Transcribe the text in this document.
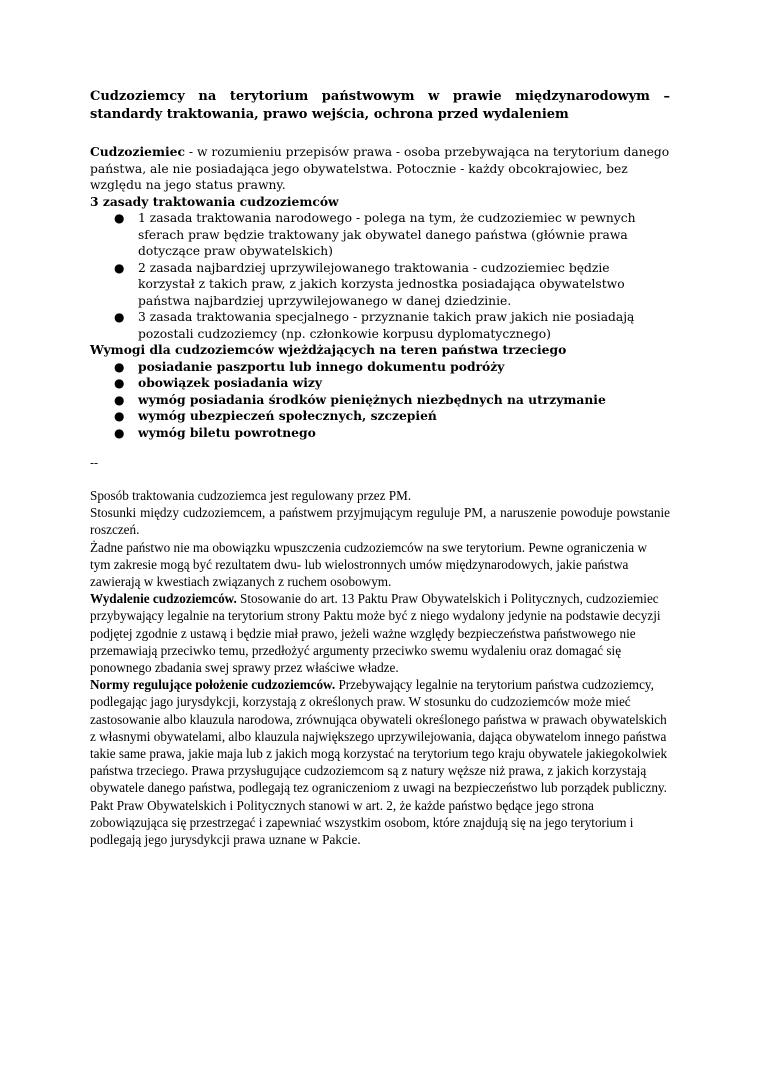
Cudzoziemcy na terytorium państwowym w prawie międzynarodowym – standardy traktowania, prawo wejścia, ochrona przed wydaleniem

Cudzoziemiec - w rozumieniu przepisów prawa - osoba przebywająca na terytorium danego państwa, ale nie posiadająca jego obywatelstwa. Potocznie - każdy obcokrajowiec, bez względu na jego status prawny.

3 zasady traktowania cudzoziemców

● 1 zasada traktowania narodowego - polega na tym, że cudzoziemiec w pewnych sferach praw będzie traktowany jak obywatel danego państwa (głównie prawa dotyczące praw obywatelskich)
● 2 zasada najbardziej uprzywilejowanego traktowania - cudzoziemiec będzie korzystał z takich praw, z jakich korzysta jednostka posiadająca obywatelstwo państwa najbardziej uprzywilejowanego w danej dziedzinie.
● 3 zasada traktowania specjalnego - przyznanie takich praw jakich nie posiadają pozostali cudzoziemcy (np. członkowie korpusu dyplomatycznego)

Wymogi dla cudzoziemców wjeżdżających na teren państwa trzeciego

● posiadanie paszportu lub innego dokumentu podróży
● obowiązek posiadania wizy
● wymóg posiadania środków pieniężnych niezbędnych na utrzymanie
● wymóg ubezpieczeń społecznych, szczepień
● wymóg biletu powrotnego

--

Sposób traktowania cudzoziemca jest regulowany przez PM.

Stosunki między cudzoziemcem, a państwem przyjmującym reguluje PM, a naruszenie powoduje powstanie roszczeń.

Żadne państwo nie ma obowiązku wpuszczenia cudzoziemców na swe terytorium. Pewne ograniczenia w tym zakresie mogą być rezultatem dwu- lub wielostronnych umów międzynarodowych, jakie państwa zawierają w kwestiach związanych z ruchem osobowym.

Wydalenie cudzoziemców. Stosowanie do art. 13 Paktu Praw Obywatelskich i Politycznych, cudzoziemiec przybywający legalnie na terytorium strony Paktu może być z niego wydalony jedynie na podstawie decyzji podjętej zgodnie z ustawą i będzie miał prawo, jeżeli ważne względy bezpieczeństwa państwowego nie przemawiają przeciwko temu, przedłożyć argumenty przeciwko swemu wydaleniu oraz domagać się ponownego zbadania swej sprawy przez właściwe władze.

Normy regulujące położenie cudzoziemców. Przebywający legalnie na terytorium państwa cudzoziemcy, podlegając jago jurysdykcji, korzystają z określonych praw. W stosunku do cudzoziemców może mieć zastosowanie albo klauzula narodowa, zrównująca obywateli określonego państwa w prawach obywatelskich z własnymi obywatelami, albo klauzula największego uprzywilejowania, dająca obywatelom innego państwa takie same prawa, jakie maja lub z jakich mogą korzystać na terytorium tego kraju obywatele jakiegokolwiek państwa trzeciego. Prawa przysługujące cudzoziemcom są z natury węższe niż prawa, z jakich korzystają obywatele danego państwa, podlegają tez ograniczeniom z uwagi na bezpieczeństwo lub porządek publiczny. Pakt Praw Obywatelskich i Politycznych stanowi w art. 2, że każde państwo będące jego strona zobowiązująca się przestrzegać i zapewniać wszystkim osobom, które znajdują się na jego terytorium i podlegają jego jurysdykcji prawa uznane w Pakcie.
